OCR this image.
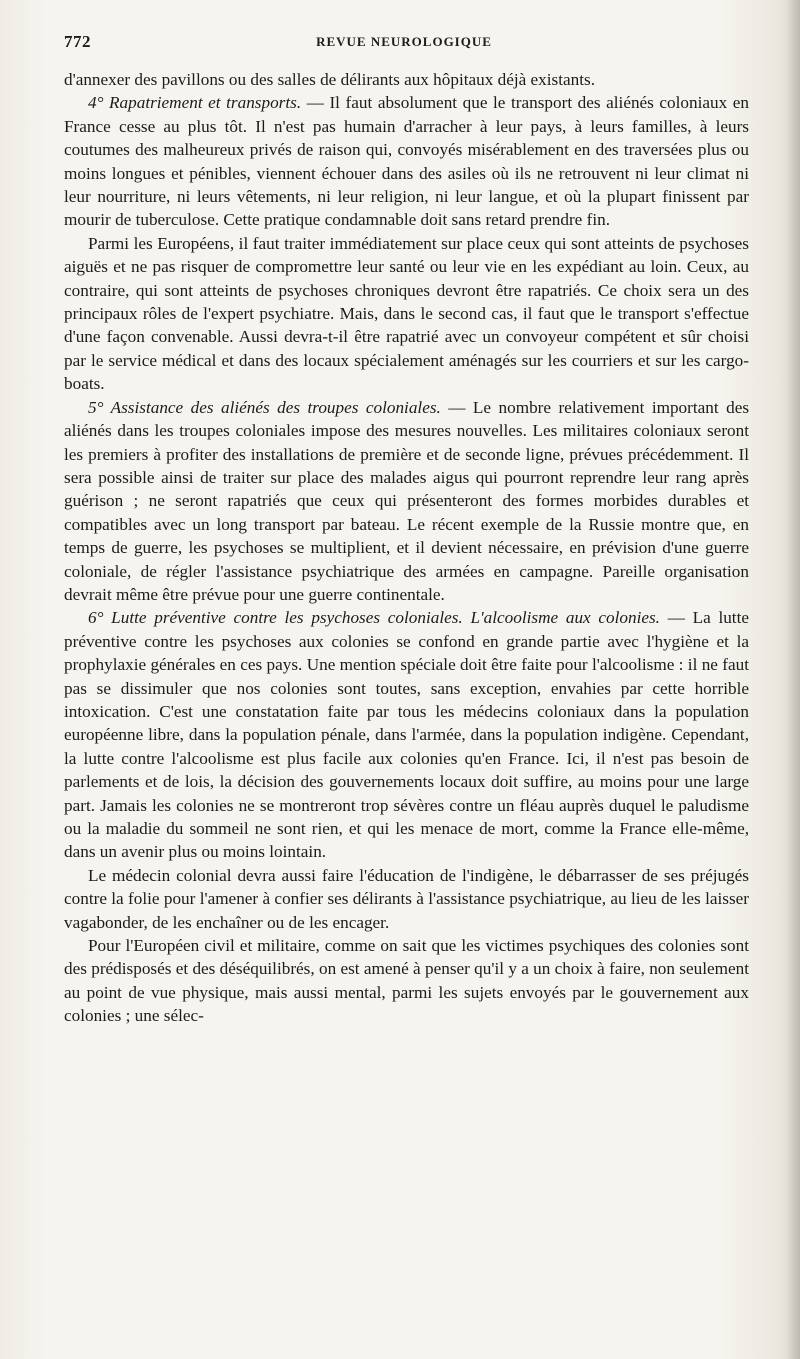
772	REVUE NEUROLOGIQUE

d'annexer des pavillons ou des salles de délirants aux hôpitaux déjà existants.

4° Rapatriement et transports. — Il faut absolument que le transport des aliénés coloniaux en France cesse au plus tôt. Il n'est pas humain d'arracher à leur pays, à leurs familles, à leurs coutumes des malheureux privés de raison qui, convoyés misérablement en des traversées plus ou moins longues et pénibles, viennent échouer dans des asiles où ils ne retrouvent ni leur climat ni leur nourriture, ni leurs vêtements, ni leur religion, ni leur langue, et où la plupart finissent par mourir de tuberculose. Cette pratique condamnable doit sans retard prendre fin.

Parmi les Européens, il faut traiter immédiatement sur place ceux qui sont atteints de psychoses aiguës et ne pas risquer de compromettre leur santé ou leur vie en les expédiant au loin. Ceux, au contraire, qui sont atteints de psychoses chroniques devront être rapatriés. Ce choix sera un des principaux rôles de l'expert psychiatre. Mais, dans le second cas, il faut que le transport s'effectue d'une façon convenable. Aussi devra-t-il être rapatrié avec un convoyeur compétent et sûr choisi par le service médical et dans des locaux spécialement aménagés sur les courriers et sur les cargo-boats.

5° Assistance des aliénés des troupes coloniales. — Le nombre relativement important des aliénés dans les troupes coloniales impose des mesures nouvelles. Les militaires coloniaux seront les premiers à profiter des installations de première et de seconde ligne, prévues précédemment. Il sera possible ainsi de traiter sur place des malades aigus qui pourront reprendre leur rang après guérison ; ne seront rapatriés que ceux qui présenteront des formes morbides durables et compatibles avec un long transport par bateau. Le récent exemple de la Russie montre que, en temps de guerre, les psychoses se multiplient, et il devient nécessaire, en prévision d'une guerre coloniale, de régler l'assistance psychiatrique des armées en campagne. Pareille organisation devrait même être prévue pour une guerre continentale.

6° Lutte préventive contre les psychoses coloniales. L'alcoolisme aux colonies. — La lutte préventive contre les psychoses aux colonies se confond en grande partie avec l'hygiène et la prophylaxie générales en ces pays. Une mention spéciale doit être faite pour l'alcoolisme : il ne faut pas se dissimuler que nos colonies sont toutes, sans exception, envahies par cette horrible intoxication. C'est une constatation faite par tous les médecins coloniaux dans la population européenne libre, dans la population pénale, dans l'armée, dans la population indigène. Cependant, la lutte contre l'alcoolisme est plus facile aux colonies qu'en France. Ici, il n'est pas besoin de parlements et de lois, la décision des gouvernements locaux doit suffire, au moins pour une large part. Jamais les colonies ne se montreront trop sévères contre un fléau auprès duquel le paludisme ou la maladie du sommeil ne sont rien, et qui les menace de mort, comme la France elle-même, dans un avenir plus ou moins lointain.

Le médecin colonial devra aussi faire l'éducation de l'indigène, le débarrasser de ses préjugés contre la folie pour l'amener à confier ses délirants à l'assistance psychiatrique, au lieu de les laisser vagabonder, de les enchaîner ou de les encager.

Pour l'Européen civil et militaire, comme on sait que les victimes psychiques des colonies sont des prédisposés et des déséquilibrés, on est amené à penser qu'il y a un choix à faire, non seulement au point de vue physique, mais aussi mental, parmi les sujets envoyés par le gouvernement aux colonies ; une sélec-
